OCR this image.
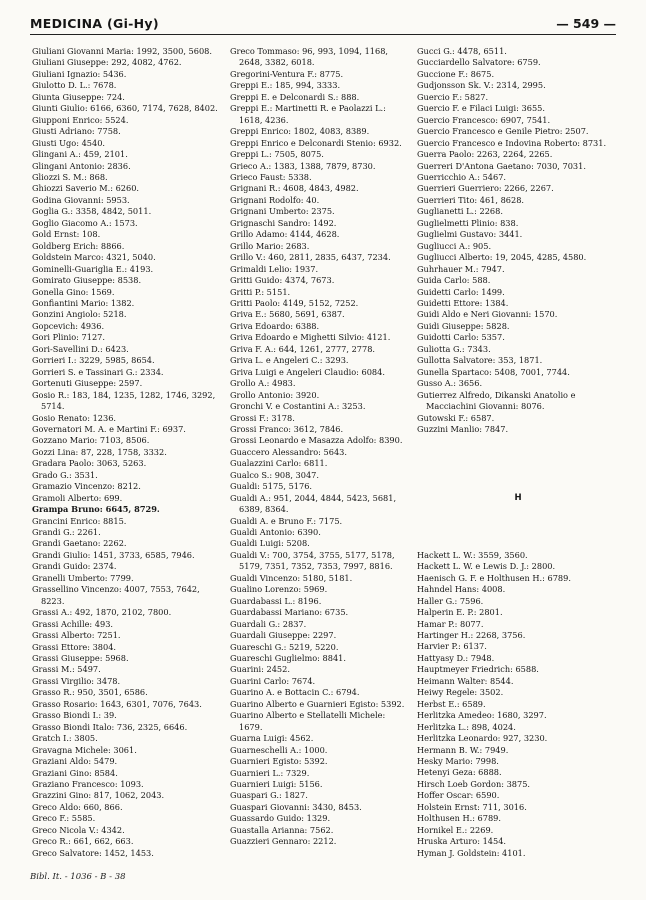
MEDICINA (Gi-Hy)	— 549 —

Giuliani Giovanni Maria: 1992, 3500, 5608.

Giuliani Giuseppe: 292, 4082, 4762.

Giuliani Ignazio: 5436.

Giulotto D. L.: 7678.

Giunta Giuseppe: 724.

Giunti Giulio: 6166, 6360, 7174, 7628, 8402.

Giupponi Enrico: 5524.

Giusti Adriano: 7758.

Giusti Ugo: 4540.

Glingani A.: 459, 2101.

Glingani Antonio: 2836.

Gliozzi S. M.: 868.

Ghiozzi Saverio M.: 6260.

Godina Giovanni: 5953.

Goglia G.: 3358, 4842, 5011.

Goglio Giacomo A.: 1573.

Gold Ernst: 108.

Goldberg Erich: 8866.

Goldstein Marco: 4321, 5040.

Gominelli-Guariglia E.: 4193.

Gomirato Giuseppe: 8538.

Gonella Gino: 1569.

Gonfiantini Mario: 1382.

Gonzini Angiolo: 5218.

Gopcevich: 4936.

Gori Plinio: 7127.

Gori-Savellini D.: 6423.

Gorrieri I.: 3229, 5985, 8654.

Gorrieri S. e Tassinari G.: 2334.

Gortenuti Giuseppe: 2597.

Gosio R.: 183, 184, 1235, 1282, 1746, 3292, 5714.

Gosio Renato: 1236.

Governatori M. A. e Martini F.: 6937.

Gozzano Mario: 7103, 8506.

Gozzi Lina: 87, 228, 1758, 3332.

Gradara Paolo: 3063, 5263.

Grado G.: 3531.

Gramazio Vincenzo: 8212.

Gramoli Alberto: 699.

Grampa Bruno: 6645, 8729.

Grancini Enrico: 8815.

Grandi G.: 2261.

Grandi Gaetano: 2262.

Grandi Giulio: 1451, 3733, 6585, 7946.

Grandi Guido: 2374.

Granelli Umberto: 7799.

Grassellino Vincenzo: 4007, 7553, 7642, 8223.

Grassi A.: 492, 1870, 2102, 7800.

Grassi Achille: 493.

Grassi Alberto: 7251.

Grassi Ettore: 3804.

Grassi Giuseppe: 5968.

Grassi M.: 5497.

Grassi Virgilio: 3478.

Grasso R.: 950, 3501, 6586.

Grasso Rosario: 1643, 6301, 7076, 7643.

Grasso Biondi I.: 39.

Grasso Biondi Italo: 736, 2325, 6646.

Gratch I.: 3805.

Gravagna Michele: 3061.

Graziani Aldo: 5479.

Graziani Gino: 8584.

Graziano Francesco: 1093.

Grazzini Gino: 817, 1062, 2043.

Greco Aldo: 660, 866.

Greco F.: 5585.

Greco Nicola V.: 4342.

Greco R.: 661, 662, 663.

Greco Salvatore: 1452, 1453.

Greco Tommaso: 96, 993, 1094, 1168, 2648, 3382, 6018.

Gregorini-Ventura F.: 8775.

Greppi E.: 185, 994, 3333.

Greppi E. e Delconardi S.: 888.

Greppi E.: Martinetti R. e Paolazzi L.: 1618, 4236.

Greppi Enrico: 1802, 4083, 8389.

Greppi Enrico e Delconardi Stenio: 6932.

Greppi L.: 7505, 8075.

Grieco A.: 1383, 1388, 7879, 8730.

Grieco Faust: 5338.

Grignani R.: 4608, 4843, 4982.

Grignani Rodolfo: 40.

Grignani Umberto: 2375.

Grignaschi Sandro: 1492.

Grillo Adamo: 4144, 4628.

Grillo Mario: 2683.

Grillo V.: 460, 2811, 2835, 6437, 7234.

Grimaldi Lelio: 1937.

Gritti Guido: 4374, 7673.

Gritti P.: 5151.

Gritti Paolo: 4149, 5152, 7252.

Griva E.: 5680, 5691, 6387.

Griva Edoardo: 6388.

Griva Edoardo e Mighetti Silvio: 4121.

Griva F. A.: 644, 1261, 2777, 2778.

Griva L. e Angeleri C.: 3293.

Griva Luigi e Angeleri Claudio: 6084.

Grollo A.: 4983.

Grollo Antonio: 3920.

Gronchi V. e Costantini A.: 3253.

Grossi F.: 3178.

Grossi Franco: 3612, 7846.

Grossi Leonardo e Masazza Adolfo: 8390.

Guaccero Alessandro: 5643.

Gualazzini Carlo: 6811.

Gualco S.: 908, 3047.

Gualdi: 5175, 5176.

Gualdi A.: 951, 2044, 4844, 5423, 5681, 6389, 8364.

Gualdi A. e Bruno F.: 7175.

Gualdi Antonio: 6390.

Gualdi Luigi: 5208.

Gualdi V.: 700, 3754, 3755, 5177, 5178, 5179, 7351, 7352, 7353, 7997, 8816.

Gualdi Vincenzo: 5180, 5181.

Gualino Lorenzo: 5969.

Guardabassi L.: 8196.

Guardabassi Mariano: 6735.

Guardali G.: 2837.

Guardali Giuseppe: 2297.

Guareschi G.: 5219, 5220.

Guareschi Guglielmo: 8841.

Guarini: 2452.

Guarini Carlo: 7674.

Guarino A. e Bottacin C.: 6794.

Guarino Alberto e Guarnieri Egisto: 5392.

Guarino Alberto e Stellatelli Michele: 1679.

Guarna Luigi: 4562.

Guarneschelli A.: 1000.

Guarnieri Egisto: 5392.

Guarnieri L.: 7329.

Guarnieri Luigi: 5156.

Guaspari G.: 1827.

Guaspari Giovanni: 3430, 8453.

Guassardo Guido: 1329.

Guastalla Arianna: 7562.

Guazzieri Gennaro: 2212.

Gucci G.: 4478, 6511.

Gucciardello Salvatore: 6759.

Guccione F.: 8675.

Gudjonsson Sk. V.: 2314, 2995.

Guercio F.: 5827.

Guercio F. e Filaci Luigi: 3655.

Guercio Francesco: 6907, 7541.

Guercio Francesco e Genile Pietro: 2507.

Guercio Francesco e Indovina Roberto: 8731.

Guerra Paolo: 2263, 2264, 2265.

Guerreri D'Antona Gaetano: 7030, 7031.

Guerricchio A.: 5467.

Guerrieri Guerriero: 2266, 2267.

Guerrieri Tito: 461, 8628.

Guglianetti L.: 2268.

Guglielmetti Plinio: 838.

Guglielmi Gustavo: 3441.

Gugliucci A.: 905.

Gugliucci Alberto: 19, 2045, 4285, 4580.

Guhrhauer M.: 7947.

Guida Carlo: 588.

Guidetti Carlo: 1499.

Guidetti Ettore: 1384.

Guidi Aldo e Neri Giovanni: 1570.

Guidi Giuseppe: 5828.

Guidotti Carlo: 5357.

Guliotta G.: 7343.

Gullotta Salvatore: 353, 1871.

Gunella Spartaco: 5408, 7001, 7744.

Gusso A.: 3656.

Gutierrez Alfredo, Dikanski Anatolio e Macciachini Giovanni: 8076.

Gutowski F.: 6587.

Guzzini Manlio: 7847.

H

Hackett L. W.: 3559, 3560.

Hackett L. W. e Lewis D. J.: 2800.

Haenisch G. F. e Holthusen H.: 6789.

Hahndel Hans: 4008.

Haller G.: 7596.

Halperin E. P.: 2801.

Hamar P.: 8077.

Hartinger H.: 2268, 3756.

Harvier P.: 6137.

Hattyasy D.: 7948.

Hauptmeyer Friedrich: 6588.

Heimann Walter: 8544.

Heiwy Regele: 3502.

Herbst E.: 6589.

Herlitzka Amedeo: 1680, 3297.

Herlitzka L.: 898, 4024.

Herlitzka Leonardo: 927, 3230.

Hermann B. W.: 7949.

Hesky Mario: 7998.

Hetenyi Geza: 6888.

Hirsch Loeb Gordon: 3875.

Hoffer Oscar: 6590.

Holstein Ernst: 711, 3016.

Holthusen H.: 6789.

Hornikel E.: 2269.

Hruska Arturo: 1454.

Hyman J. Goldstein: 4101.

Bibl. It. - 1036 - B - 38
